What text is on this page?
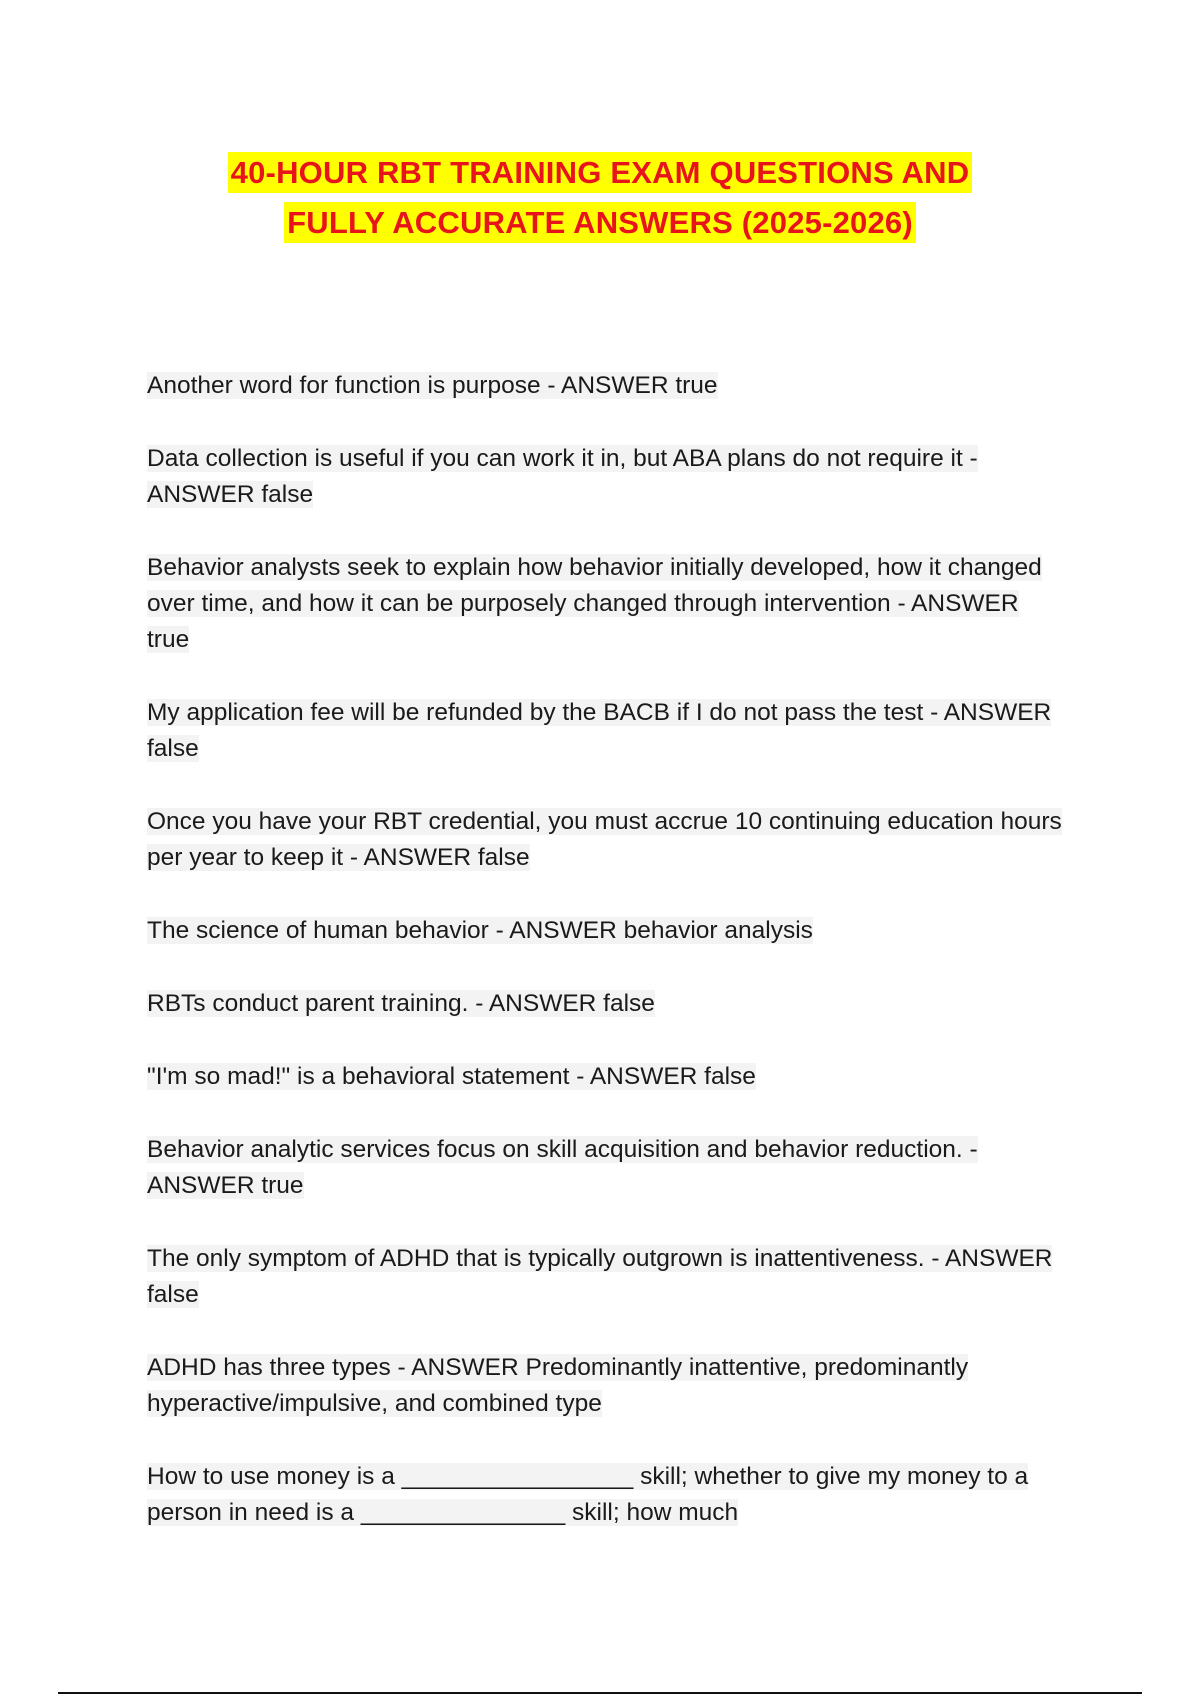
40-HOUR RBT TRAINING EXAM QUESTIONS AND
FULLY ACCURATE ANSWERS (2025-2026)

Another word for function is purpose - ANSWER true

Data collection is useful if you can work it in, but ABA plans do not require it - ANSWER false

Behavior analysts seek to explain how behavior initially developed, how it changed over time, and how it can be purposely changed through intervention - ANSWER true

My application fee will be refunded by the BACB if I do not pass the test - ANSWER false

Once you have your RBT credential, you must accrue 10 continuing education hours per year to keep it - ANSWER false

The science of human behavior - ANSWER behavior analysis

RBTs conduct parent training. - ANSWER false

"I'm so mad!" is a behavioral statement - ANSWER false

Behavior analytic services focus on skill acquisition and behavior reduction. - ANSWER true

The only symptom of ADHD that is typically outgrown is inattentiveness. - ANSWER false

ADHD has three types - ANSWER Predominantly inattentive, predominantly hyperactive/impulsive, and combined type

How to use money is a _________________ skill; whether to give my money to a person in need is a _______________ skill; how much
